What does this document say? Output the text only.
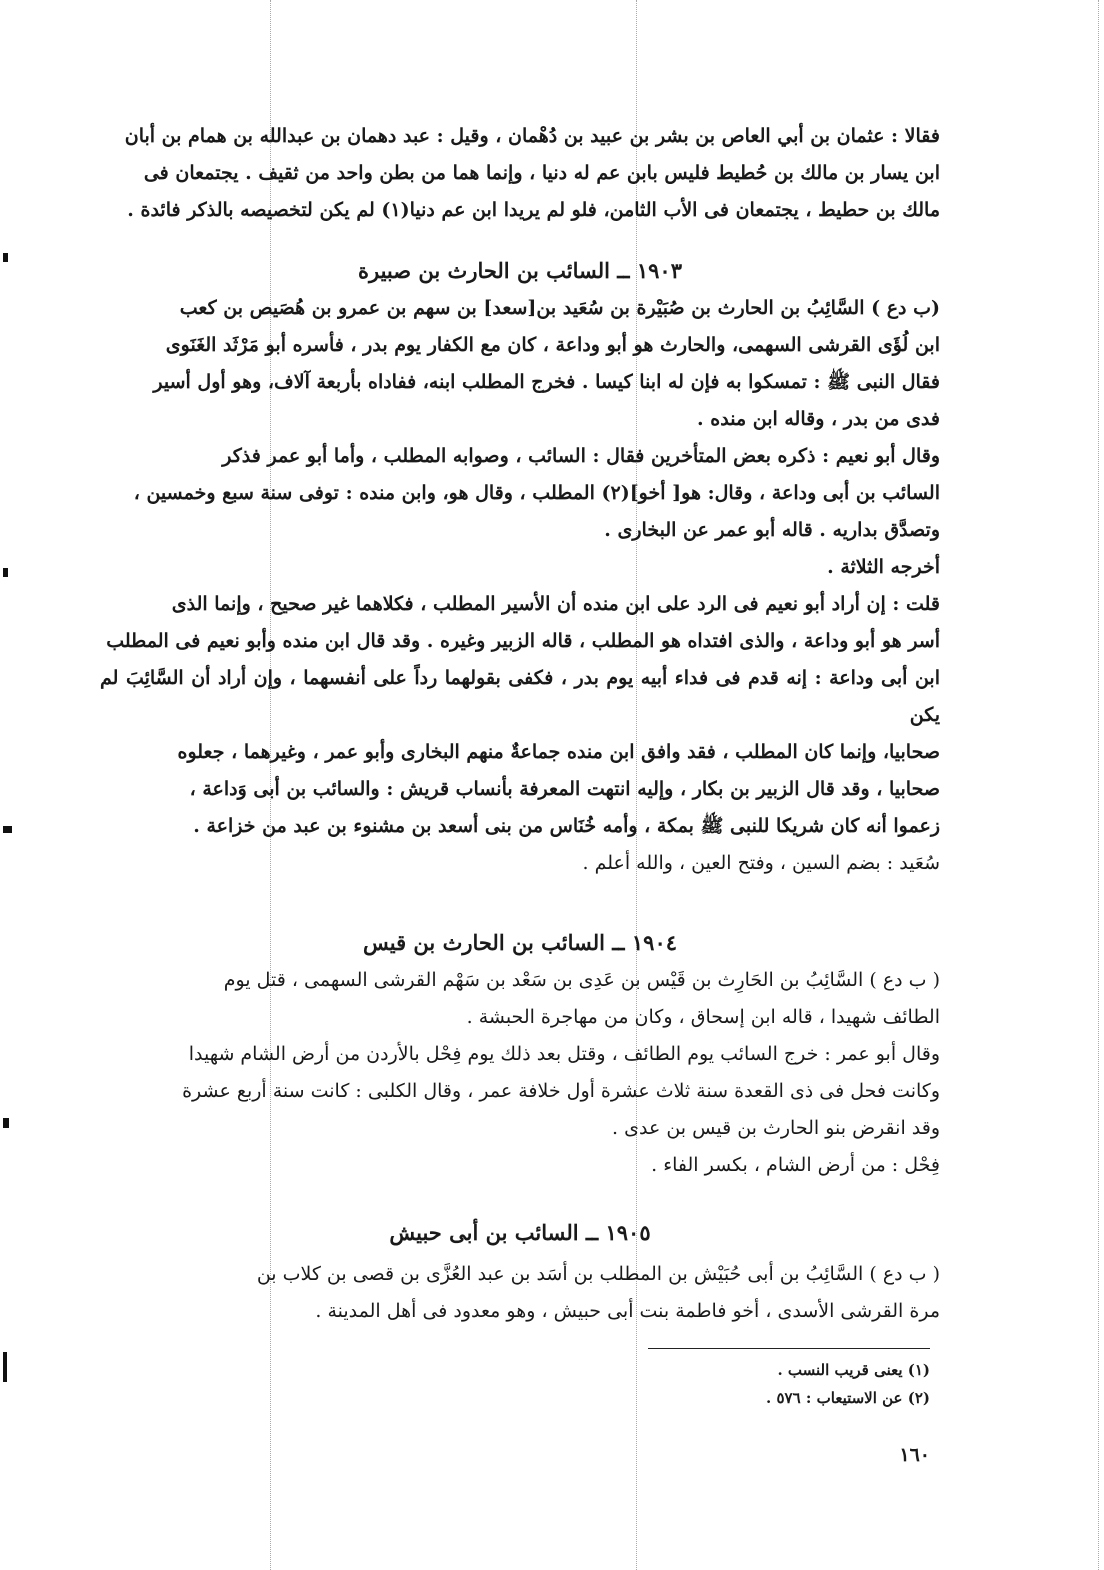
فقالا : عثمان بن أبي العاص بن بشر بن عبيد بن دُهْمان ، وقيل : عبد دهمان بن عبدالله بن همام بن أبان
ابن يسار بن مالك بن حُطيط فليس بابن عم له دنيا ، وإنما هما من بطن واحد من ثقيف . يجتمعان فى
مالك بن حطيط ، يجتمعان فى الأب الثامن، فلو لم يريدا ابن عم دنيا(١) لم يكن لتخصيصه بالذكر فائدة .
١٩٠٣ ــ السائب بن الحارث بن صبيرة
(ب دع ) السَّائِبُ بن الحارث بن صُبَيْرة بن سُعَيد بن[سعد] بن سهم بن عمرو بن هُصَيص بن كعب
ابن لُؤَى القرشى السهمى، والحارث هو أبو وداعة ، كان مع الكفار يوم بدر ، فأسره أبو مَرْثَد الغَنَوى
فقال النبى ﷺ : تمسكوا به فإن له ابنا كيسا . فخرج المطلب ابنه، ففاداه بأربعة آلاف، وهو أول أسير
فدى من بدر ، وقاله ابن منده .
وقال أبو نعيم : ذكره بعض المتأخرين فقال : السائب ، وصوابه المطلب ، وأما أبو عمر فذكر
السائب بن أبى وداعة ، وقال: هو[ أخو](٢) المطلب ، وقال هو، وابن منده : توفى سنة سبع وخمسين ،
وتصدَّق بداريه . قاله أبو عمر عن البخارى .
أخرجه الثلاثة .
قلت : إن أراد أبو نعيم فى الرد على ابن منده أن الأسير المطلب ، فكلاهما غير صحيح ، وإنما الذى
أسر هو أبو وداعة ، والذى افتداه هو المطلب ، قاله الزبير وغيره . وقد قال ابن منده وأبو نعيم فى المطلب
ابن أبى وداعة : إنه قدم فى فداء أبيه يوم بدر ، فكفى بقولهما رداً على أنفسهما ، وإن أراد أن السَّائِبَ لم يكن
صحابيا، وإنما كان المطلب ، فقد وافق ابن منده جماعةٌ منهم البخارى وأبو عمر ، وغيرهما ، جعلوه
صحابيا ، وقد قال الزبير بن بكار ، وإليه انتهت المعرفة بأنساب قريش : والسائب بن أبى وَداعة ،
زعموا أنه كان شريكا للنبى ﷺ بمكة ، وأمه خُنَاس من بنى أسعد بن مشنوء بن عبد من خزاعة .
سُعَيد : بضم السين ، وفتح العين ، والله أعلم .
١٩٠٤ ــ السائب بن الحارث بن قيس
( ب دع ) السَّائِبُ بن الحَارِث بن قَيْس بن عَدِى بن سَعْد بن سَهْم القرشى السهمى ، قتل يوم
الطائف شهيدا ، قاله ابن إسحاق ، وكان من مهاجرة الحبشة .
وقال أبو عمر : خرج السائب يوم الطائف ، وقتل بعد ذلك يوم فِحْل بالأردن من أرض الشام شهيدا
وكانت فحل فى ذى القعدة سنة ثلاث عشرة أول خلافة عمر ، وقال الكلبى : كانت سنة أربع عشرة
وقد انقرض بنو الحارث بن قيس بن عدى .
فِحْل : من أرض الشام ، بكسر الفاء .
١٩٠٥ ــ السائب بن أبى حبيش
( ب دع ) السَّائِبُ بن أبى حُبَيْش بن المطلب بن أسَد بن عبد العُزَّى بن قصى بن كلاب بن
مرة القرشى الأسدى ، أخو فاطمة بنت أبى حبيش ، وهو معدود فى أهل المدينة .
(١) يعنى قريب النسب .
(٢) عن الاستيعاب : ٥٧٦ .
١٦٠
